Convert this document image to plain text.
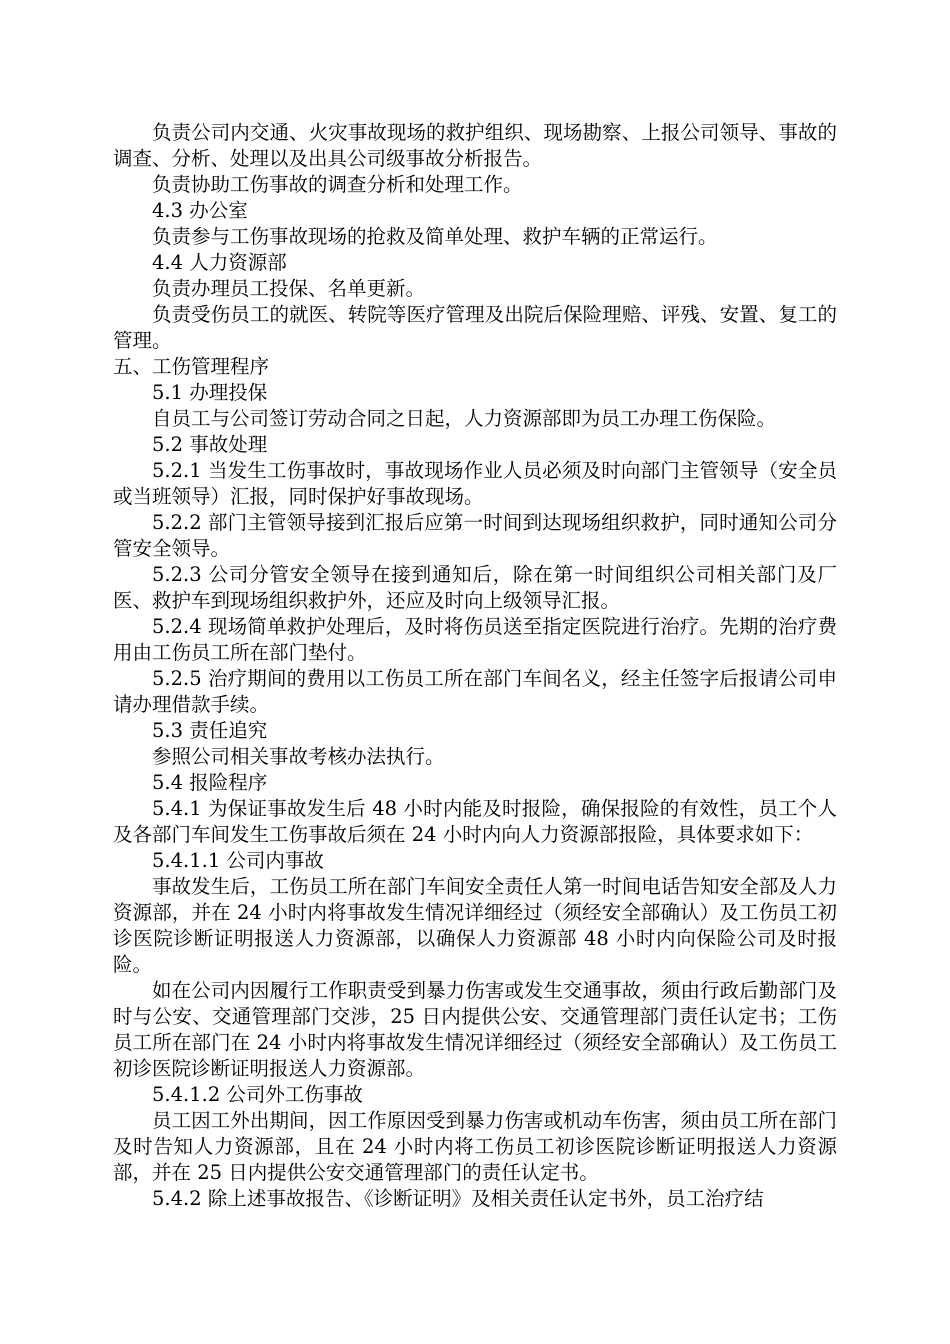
负责公司内交通、火灾事故现场的救护组织、现场勘察、上报公司领导、事故的调查、分析、处理以及出具公司级事故分析报告。

负责协助工伤事故的调查分析和处理工作。

4.3 办公室

负责参与工伤事故现场的抢救及简单处理、救护车辆的正常运行。

4.4 人力资源部

负责办理员工投保、名单更新。

负责受伤员工的就医、转院等医疗管理及出院后保险理赔、评残、安置、复工的管理。

五、工伤管理程序

5.1 办理投保

自员工与公司签订劳动合同之日起，人力资源部即为员工办理工伤保险。

5.2 事故处理

5.2.1 当发生工伤事故时，事故现场作业人员必须及时向部门主管领导（安全员或当班领导）汇报，同时保护好事故现场。

5.2.2 部门主管领导接到汇报后应第一时间到达现场组织救护，同时通知公司分管安全领导。

5.2.3 公司分管安全领导在接到通知后，除在第一时间组织公司相关部门及厂医、救护车到现场组织救护外，还应及时向上级领导汇报。

5.2.4 现场简单救护处理后，及时将伤员送至指定医院进行治疗。先期的治疗费用由工伤员工所在部门垫付。

5.2.5 治疗期间的费用以工伤员工所在部门车间名义，经主任签字后报请公司申请办理借款手续。

5.3 责任追究

参照公司相关事故考核办法执行。

5.4 报险程序

5.4.1 为保证事故发生后 48 小时内能及时报险，确保报险的有效性，员工个人及各部门车间发生工伤事故后须在 24 小时内向人力资源部报险，具体要求如下：

5.4.1.1 公司内事故

事故发生后，工伤员工所在部门车间安全责任人第一时间电话告知安全部及人力资源部，并在 24 小时内将事故发生情况详细经过（须经安全部确认）及工伤员工初诊医院诊断证明报送人力资源部，以确保人力资源部 48 小时内向保险公司及时报险。

如在公司内因履行工作职责受到暴力伤害或发生交通事故，须由行政后勤部门及时与公安、交通管理部门交涉，25 日内提供公安、交通管理部门责任认定书；工伤员工所在部门在 24 小时内将事故发生情况详细经过（须经安全部确认）及工伤员工初诊医院诊断证明报送人力资源部。

5.4.1.2 公司外工伤事故

员工因工外出期间，因工作原因受到暴力伤害或机动车伤害，须由员工所在部门及时告知人力资源部，且在 24 小时内将工伤员工初诊医院诊断证明报送人力资源部，并在 25 日内提供公安交通管理部门的责任认定书。

5.4.2 除上述事故报告、《诊断证明》及相关责任认定书外，员工治疗结
